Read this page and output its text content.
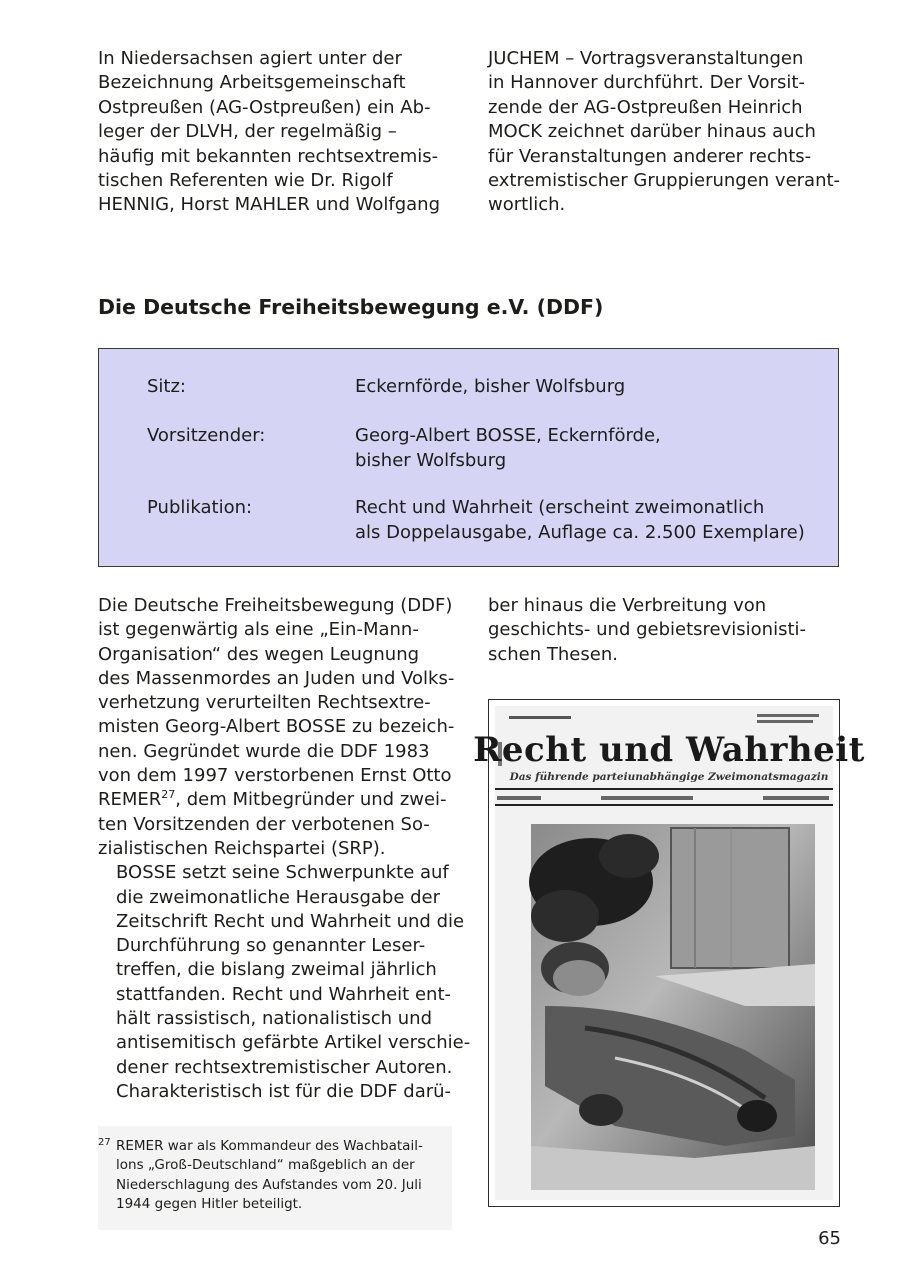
In Niedersachsen agiert unter der
Bezeichnung Arbeitsgemeinschaft
Ostpreußen (AG-Ostpreußen) ein Ab-
leger der DLVH, der regelmäßig –
häufig mit bekannten rechtsextremis-
tischen Referenten wie Dr. Rigolf
HENNIG, Horst MAHLER und Wolfgang
JUCHEM – Vortragsveranstaltungen
in Hannover durchführt. Der Vorsit-
zende der AG-Ostpreußen Heinrich
MOCK zeichnet darüber hinaus auch
für Veranstaltungen anderer rechts-
extremistischer Gruppierungen verant-
wortlich.
Die Deutsche Freiheitsbewegung e.V. (DDF)
Sitz:	Eckernförde, bisher Wolfsburg
Vorsitzender:	Georg-Albert BOSSE, Eckernförde,
bisher Wolfsburg
Publikation:	Recht und Wahrheit (erscheint zweimonatlich
als Doppelausgabe, Auflage ca. 2.500 Exemplare)
Die Deutsche Freiheitsbewegung (DDF)
ist gegenwärtig als eine „Ein-Mann-
Organisation“ des wegen Leugnung
des Massenmordes an Juden und Volks-
verhetzung verurteilten Rechtsextre-
misten Georg-Albert BOSSE zu bezeich-
nen. Gegründet wurde die DDF 1983
von dem 1997 verstorbenen Ernst Otto
REMER$^{27}$, dem Mitbegründer und zwei-
ten Vorsitzenden der verbotenen So-
zialistischen Reichspartei (SRP).

BOSSE setzt seine Schwerpunkte auf
die zweimonatliche Herausgabe der
Zeitschrift Recht und Wahrheit und die
Durchführung so genannter Leser-
treffen, die bislang zweimal jährlich
stattfanden. Recht und Wahrheit ent-
hält rassistisch, nationalistisch und
antisemitisch gefärbte Artikel verschie-
dener rechtsextremistischer Autoren.
Charakteristisch ist für die DDF darü-
ber hinaus die Verbreitung von
geschichts- und gebietsrevisionisti-
schen Thesen.

27

REMER war als Kommandeur des Wachbatail-
lons „Groß-Deutschland“ maßgeblich an der
Niederschlagung des Aufstandes vom 20. Juli
1944 gegen Hitler beteiligt.

Recht und Wahrheit
Das führende parteiunabhängige Zweimonatsmagazin
65
